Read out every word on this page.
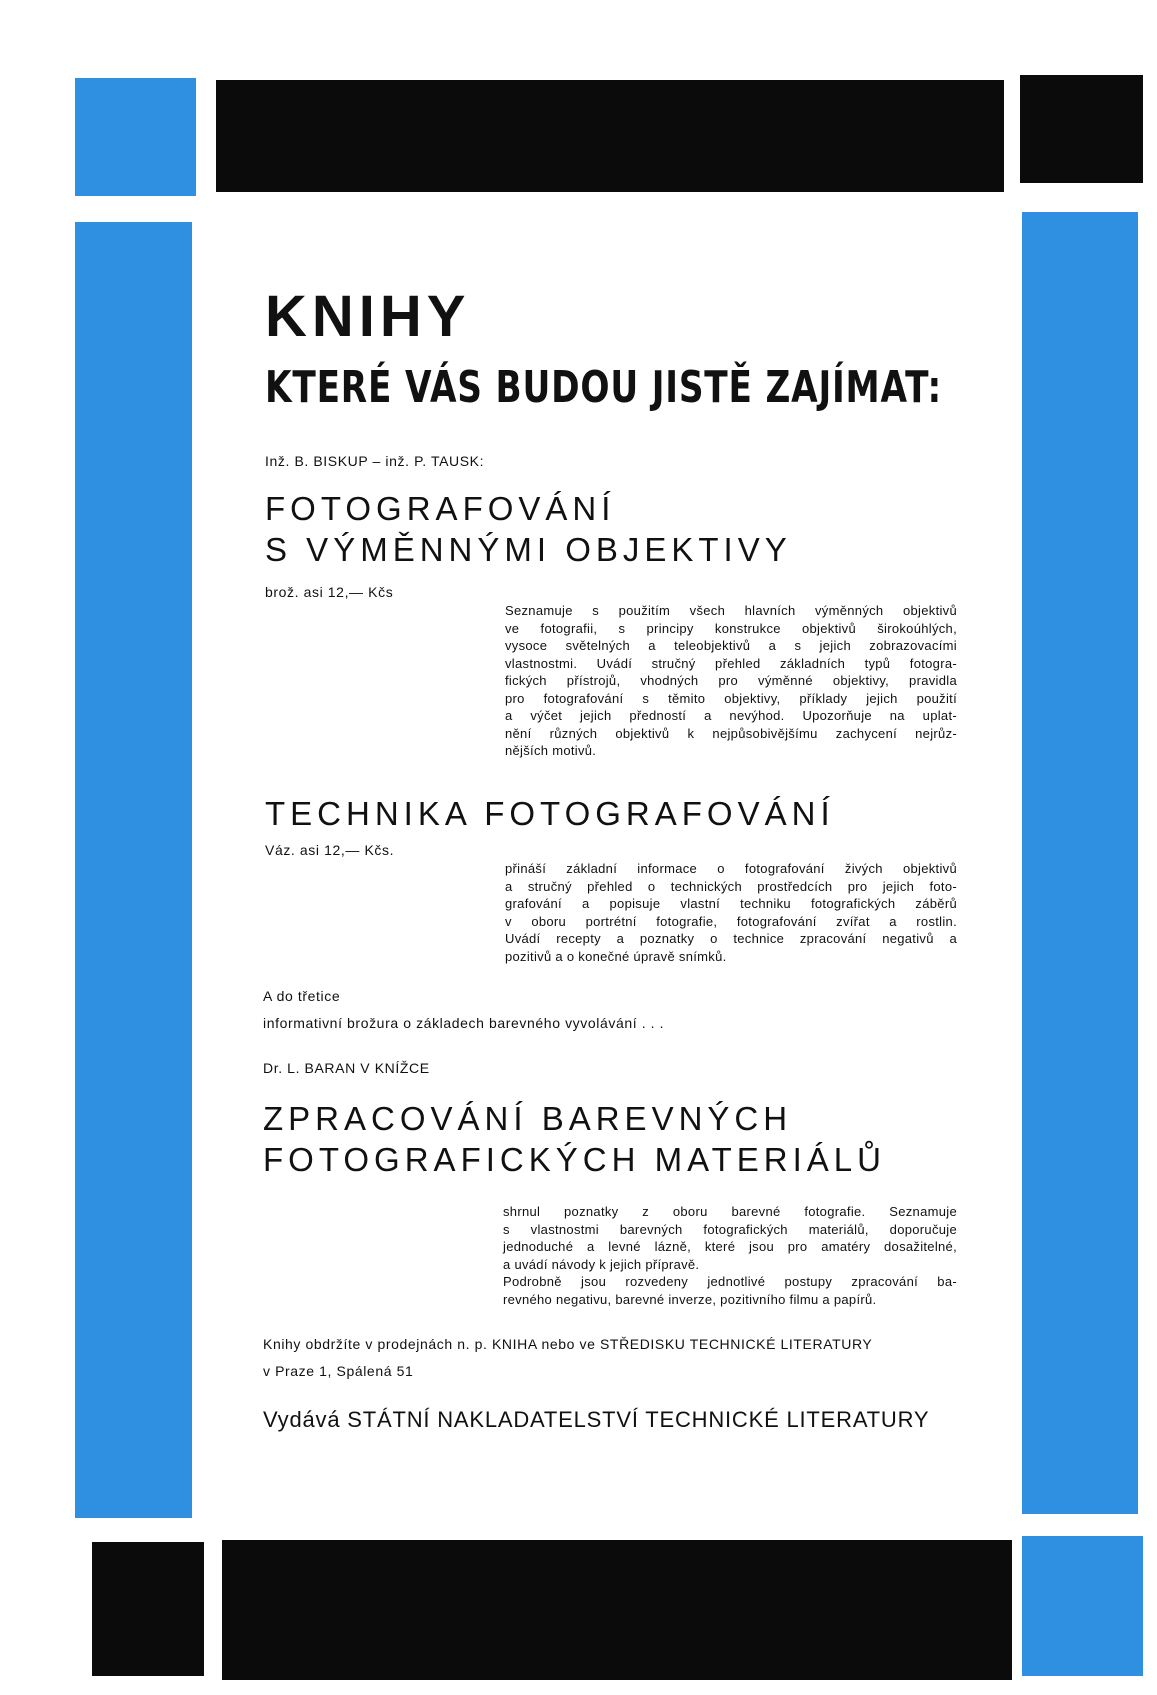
KNIHY
KTERÉ VÁS BUDOU JISTĚ ZAJÍMAT:

Inž. B. BISKUP – inž. P. TAUSK:

FOTOGRAFOVÁNÍ
S VÝMĚNNÝMI OBJEKTIVY

brož. asi 12,— Kčs

Seznamuje s použitím všech hlavních výměnných objektivů
ve fotografii, s principy konstrukce objektivů širokoúhlých,
vysoce světelných a teleobjektivů a s jejich zobrazovacími
vlastnostmi. Uvádí stručný přehled základních typů fotogra-
fických přístrojů, vhodných pro výměnné objektivy, pravidla
pro fotografování s těmito objektivy, příklady jejich použití
a výčet jejich předností a nevýhod. Upozorňuje na uplat-
nění různých objektivů k nejpůsobivějšímu zachycení nejrůz-
nějších motivů.
TECHNIKA FOTOGRAFOVÁNÍ

Váz. asi 12,— Kčs.

přináší základní informace o fotografování živých objektivů
a stručný přehled o technických prostředcích pro jejich foto-
grafování a popisuje vlastní techniku fotografických záběrů
v oboru portrétní fotografie, fotografování zvířat a rostlin.
Uvádí recepty a poznatky o technice zpracování negativů a
pozitivů a o konečné úpravě snímků.

A do třetice

informativní brožura o základech barevného vyvolávání . . .

Dr. L. BARAN V KNÍŽCE

ZPRACOVÁNÍ BAREVNÝCH
FOTOGRAFICKÝCH MATERIÁLŮ
shrnul poznatky z oboru barevné fotografie. Seznamuje
s vlastnostmi barevných fotografických materiálů, doporučuje
jednoduché a levné lázně, které jsou pro amatéry dosažitelné,
a uvádí návody k jejich přípravě.
Podrobně jsou rozvedeny jednotlivé postupy zpracování ba-
revného negativu, barevné inverze, pozitivního filmu a papírů.

Knihy obdržíte v prodejnách n. p. KNIHA nebo ve STŘEDISKU TECHNICKÉ LITERATURY

v Praze 1, Spálená 51

Vydává STÁTNÍ NAKLADATELSTVÍ TECHNICKÉ LITERATURY
